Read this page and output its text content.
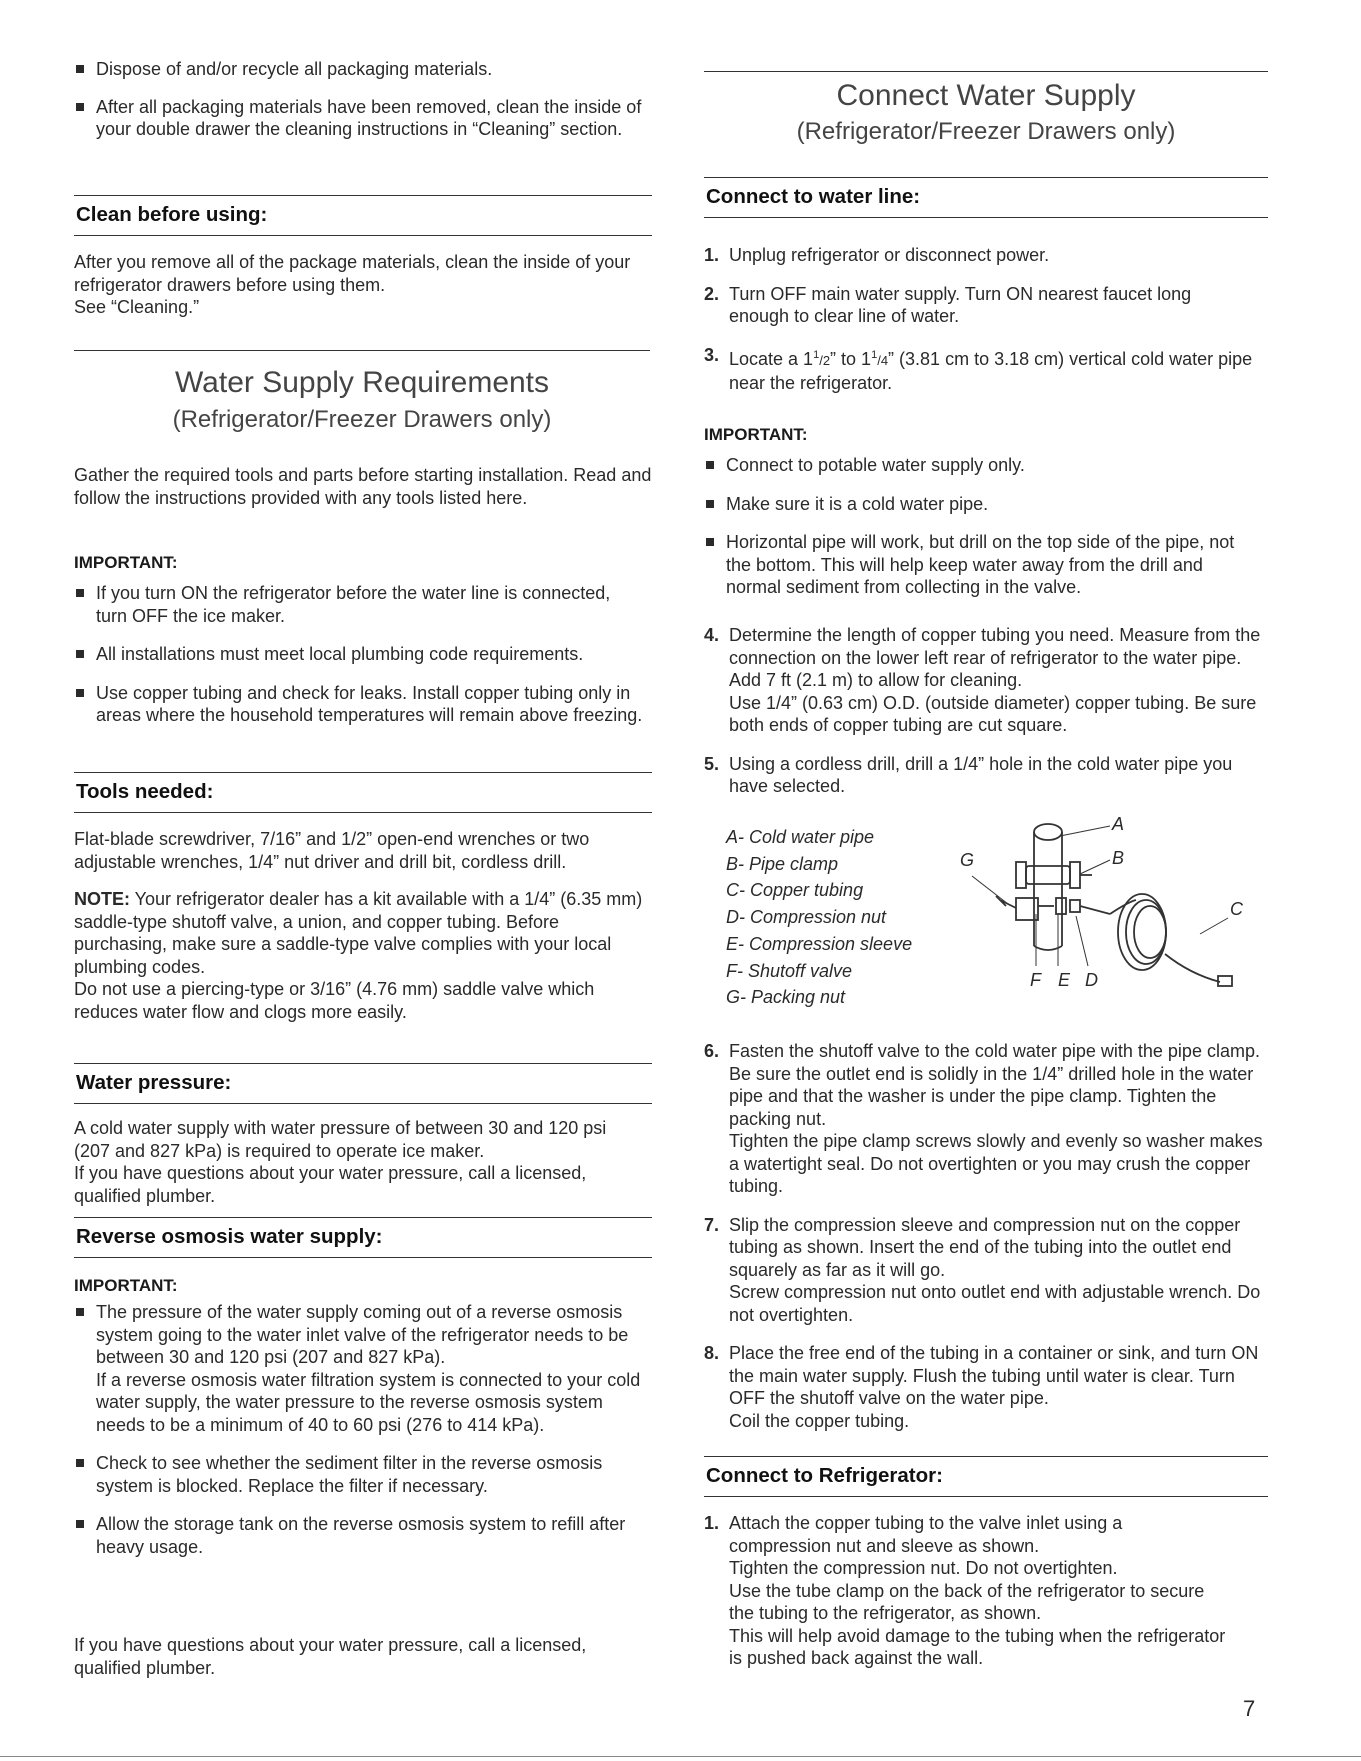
Dispose of and/or recycle all packaging materials.
After all packaging materials have been removed, clean the inside of your double drawer the cleaning instructions in “Cleaning” section.
Clean before using:
After you remove all of the package materials, clean the inside of your refrigerator drawers before using them.
See “Cleaning.”
Water Supply Requirements
(Refrigerator/Freezer Drawers only)
Gather the required tools and parts before starting installation. Read and follow the instructions provided with any tools listed here.
IMPORTANT:
If you turn ON the refrigerator before the water line is connected, turn OFF the ice maker.
All installations must meet local plumbing code requirements.
Use copper tubing and check for leaks. Install copper tubing only in areas where the household temperatures will remain above freezing.
Tools needed:
Flat-blade screwdriver, 7/16” and 1/2” open-end wrenches or two adjustable wrenches, 1/4” nut driver and drill bit, cordless drill.
NOTE: Your refrigerator dealer has a kit available with a 1/4” (6.35 mm) saddle-type shutoff valve, a union, and copper tubing. Before purchasing, make sure a saddle-type valve complies with your local plumbing codes.
Do not use a piercing-type or 3/16” (4.76 mm) saddle valve which reduces water flow and clogs more easily.
Water pressure:
A cold water supply with water pressure of between 30 and 120 psi (207 and 827 kPa) is required to operate ice maker.
If you have questions about your water pressure, call a licensed, qualified plumber.
Reverse osmosis water supply:
IMPORTANT:
The pressure of the water supply coming out of a reverse osmosis system going to the water inlet valve of the refrigerator needs to be between 30 and 120 psi (207 and 827 kPa).
If a reverse osmosis water filtration system is connected to your cold water supply, the water pressure to the reverse osmosis system needs to be a minimum of 40 to 60 psi (276 to 414 kPa).
Check to see whether the sediment filter in the reverse osmosis system is blocked. Replace the filter if necessary.
Allow the storage tank on the reverse osmosis system to refill after heavy usage.
If you have questions about your water pressure, call a licensed, qualified plumber.
Connect Water Supply
(Refrigerator/Freezer Drawers only)
Connect to water line:
1. Unplug refrigerator or disconnect power.
2. Turn OFF main water supply. Turn ON nearest faucet long enough to clear line of water.
3. Locate a $1^1/2$” to $1^1/4$” (3.81 cm to 3.18 cm) vertical cold water pipe near the refrigerator.
IMPORTANT:
Connect to potable water supply only.
Make sure it is a cold water pipe.
Horizontal pipe will work, but drill on the top side of the pipe, not the bottom. This will help keep water away from the drill and normal sediment from collecting in the valve.
4. Determine the length of copper tubing you need. Measure from the connection on the lower left rear of refrigerator to the water pipe. Add 7 ft (2.1 m) to allow for cleaning.
Use 1/4” (0.63 cm) O.D. (outside diameter) copper tubing. Be sure both ends of copper tubing are cut square.
5. Using a cordless drill, drill a 1/4” hole in the cold water pipe you have selected.
A- Cold water pipe
B- Pipe clamp
C- Copper tubing
D- Compression nut
E- Compression sleeve
F- Shutoff valve
G- Packing nut
A
B
C
G
F E D
6. Fasten the shutoff valve to the cold water pipe with the pipe clamp. Be sure the outlet end is solidly in the 1/4” drilled hole in the water pipe and that the washer is under the pipe clamp. Tighten the packing nut.
Tighten the pipe clamp screws slowly and evenly so washer makes a watertight seal. Do not overtighten or you may crush the copper tubing.
7. Slip the compression sleeve and compression nut on the copper tubing as shown. Insert the end of the tubing into the outlet end squarely as far as it will go.
Screw compression nut onto outlet end with adjustable wrench. Do not overtighten.
8. Place the free end of the tubing in a container or sink, and turn ON the main water supply. Flush the tubing until water is clear. Turn OFF the shutoff valve on the water pipe.
Coil the copper tubing.
Connect to Refrigerator:
1. Attach the copper tubing to the valve inlet using a compression nut and sleeve as shown.
Tighten the compression nut. Do not overtighten.
Use the tube clamp on the back of the refrigerator to secure the tubing to the refrigerator, as shown.
This will help avoid damage to the tubing when the refrigerator is pushed back against the wall.
7
